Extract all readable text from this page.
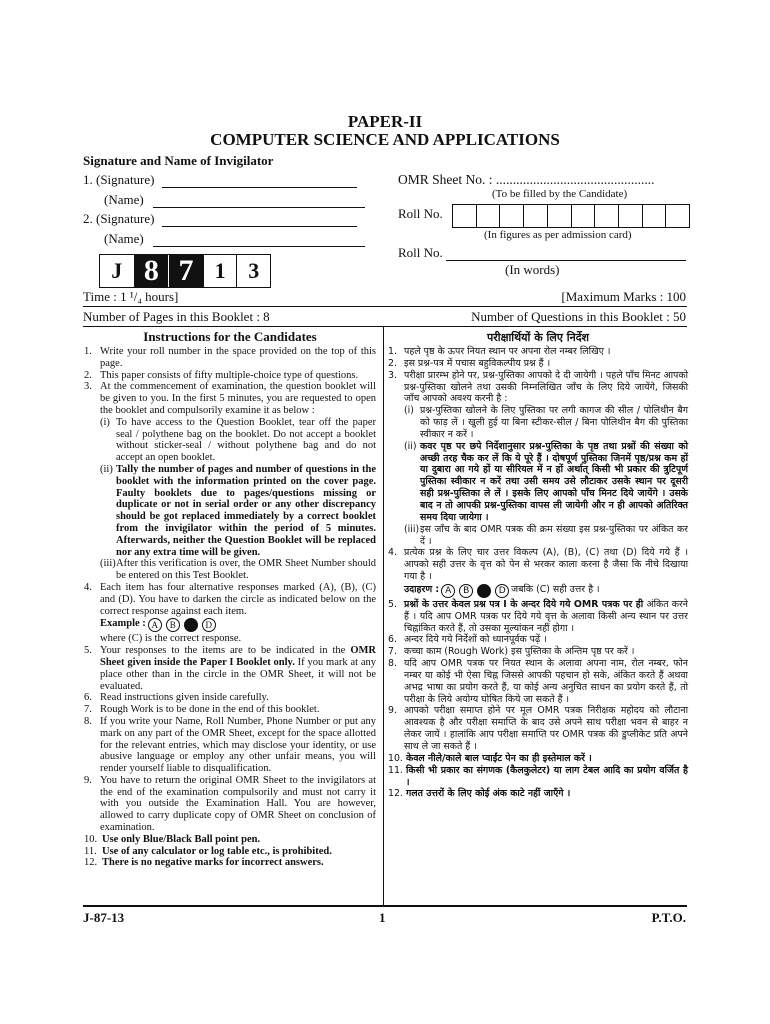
PAPER-II
COMPUTER SCIENCE AND APPLICATIONS
Signature and Name of Invigilator
1. (Signature)
(Name)
2. (Signature)
(Name)
OMR Sheet No. : ...............................................
(To be filled by the Candidate)
Roll No.
(In figures as per admission card)
Roll No.
(In words)
J 8 7 1	3
Time : 1 ¹/₄ hours]	[Maximum Marks : 100
Number of Pages in this Booklet : 8	Number of Questions in this Booklet : 50
Instructions for the Candidates	परीक्षार्थियों के लिए निर्देश
1. Write your roll number in the space provided on the top of this page.
2. This paper consists of fifty multiple-choice type of questions.
3. At the commencement of examination, the question booklet will be given to you. In the first 5 minutes, you are requested to open the booklet and compulsorily examine it as below :
(i) To have access to the Question Booklet, tear off the paper seal / polythene bag on the booklet. Do not accept a booklet without sticker-seal / without polythene bag and do not accept an open booklet.
(ii) Tally the number of pages and number of questions in the booklet with the information printed on the cover page. Faulty booklets due to pages/questions missing or duplicate or not in serial order or any other discrepancy should be got replaced immediately by a correct booklet from the invigilator within the period of 5 minutes. Afterwards, neither the Question Booklet will be replaced nor any extra time will be given.
(iii) After this verification is over, the OMR Sheet Number should be entered on this Test Booklet.
4. Each item has four alternative responses marked (A), (B), (C) and (D). You have to darken the circle as indicated below on the correct response against each item.
Example : A	B	C	D
where (C) is the correct response.
5. Your responses to the items are to be indicated in the OMR Sheet given inside the Paper I Booklet only. If you mark at any place other than in the circle in the OMR Sheet, it will not be evaluated.
6. Read instructions given inside carefully.
7. Rough Work is to be done in the end of this booklet.
8. If you write your Name, Roll Number, Phone Number or put any mark on any part of the OMR Sheet, except for the space allotted for the relevant entries, which may disclose your identity, or use abusive language or employ any other unfair means, you will render yourself liable to disqualification.
9. You have to return the original OMR Sheet to the invigilators at the end of the examination compulsorily and must not carry it with you outside the Examination Hall. You are however, allowed to carry duplicate copy of OMR Sheet on conclusion of examination.
10. Use only Blue/Black Ball point pen.
11. Use of any calculator or log table etc., is prohibited.
12. There is no negative marks for incorrect answers.
1. पहले पृष्ठ के ऊपर नियत स्थान पर अपना रोल नम्बर लिखिए ।
2. इस प्रश्न-पत्र में पचास बहुविकल्पीय प्रश्न हैं ।
3. परीक्षा प्रारम्भ होने पर, प्रश्न-पुस्तिका आपको दे दी जायेगी । पहले पाँच मिनट आपको प्रश्न-पुस्तिका खोलने तथा उसकी निम्नलिखित जाँच के लिए दिये जायेंगे, जिसकी जाँच आपको अवश्य करनी है :
(i) प्रश्न-पुस्तिका खोलने के लिए पुस्तिका पर लगी कागज की सील / पोलिथीन बैग को फाड़ लें । खुली हुई या बिना स्टीकर-सील / बिना पोलिथीन बैग की पुस्तिका स्वीकार न करें ।
(ii) कवर पृष्ठ पर छपे निर्देशानुसार प्रश्न-पुस्तिका के पृष्ठ तथा प्रश्नों की संख्या को अच्छी तरह चैक कर लें कि ये पूरे हैं । दोषपूर्ण पुस्तिका जिनमें पृष्ठ/प्रश्न कम हों या दुबारा आ गये हों या सीरियल में न हों अर्थात् किसी भी प्रकार की त्रुटिपूर्ण पुस्तिका स्वीकार न करें तथा उसी समय उसे लौटाकर उसके स्थान पर दूसरी सही प्रश्न-पुस्तिका ले लें । इसके लिए आपको पाँच मिनट दिये जायेंगे । उसके बाद न तो आपकी प्रश्न-पुस्तिका वापस ली जायेगी और न ही आपको अतिरिक्त समय दिया जायेगा ।
(iii) इस जाँच के बाद OMR पत्रक की क्रम संख्या इस प्रश्न-पुस्तिका पर अंकित कर दें ।
4. प्रत्येक प्रश्न के लिए चार उत्तर विकल्प (A), (B), (C) तथा (D) दिये गये हैं । आपको सही उत्तर के वृत्त को पेन से भरकर काला करना है जैसा कि नीचे दिखाया गया है ।
उदाहरण : A	B	C	D जबकि (C) सही उत्तर है ।
5. प्रश्नों के उत्तर केवल प्रश्न पत्र I के अन्दर दिये गये OMR पत्रक पर ही अंकित करने हैं । यदि आप OMR पत्रक पर दिये गये वृत्त के अलावा किसी अन्य स्थान पर उत्तर चिह्नांकित करते हैं, तो उसका मूल्यांकन नहीं होगा ।
6. अन्दर दिये गये निर्देशों को ध्यानपूर्वक पढ़ें ।
7. कच्चा काम (Rough Work) इस पुस्तिका के अन्तिम पृष्ठ पर करें ।
8. यदि आप OMR पत्रक पर नियत स्थान के अलावा अपना नाम, रोल नम्बर, फोन नम्बर या कोई भी ऐसा चिह्न जिससे आपकी पहचान हो सके, अंकित करते हैं अथवा अभद्र भाषा का प्रयोग करते हैं, या कोई अन्य अनुचित साधन का प्रयोग करते हैं, तो परीक्षा के लिये अयोग्य घोषित किये जा सकते हैं ।
9. आपको परीक्षा समाप्त होने पर मूल OMR पत्रक निरीक्षक महोदय को लौटाना आवश्यक है और परीक्षा समाप्ति के बाद उसे अपने साथ परीक्षा भवन से बाहर न लेकर जायें । हालांकि आप परीक्षा समाप्ति पर OMR पत्रक की डुप्लीकेट प्रति अपने साथ ले जा सकते हैं ।
10. केवल नीले/काले बाल प्वाईंट पेन का ही इस्तेमाल करें ।
11. किसी भी प्रकार का संगणक (कैलकुलेटर) या लाग टेबल आदि का प्रयोग वर्जित है ।
12. गलत उत्तरों के लिए कोई अंक काटे नहीं जाएँगे ।
J-87-13	1	P.T.O.
